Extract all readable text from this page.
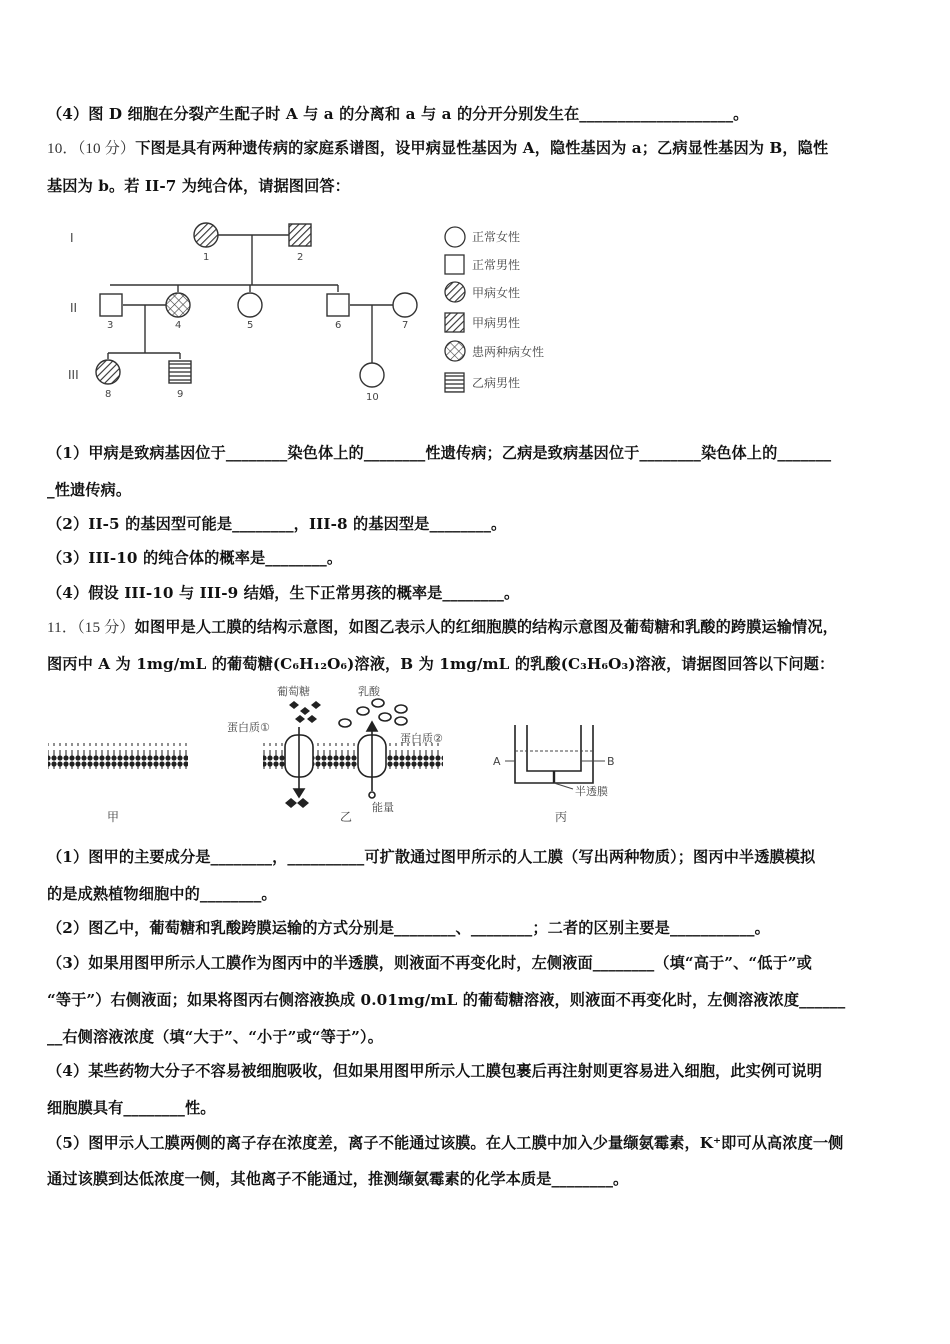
（4）图 D 细胞在分裂产生配子时 A 与 a 的分离和 a 与 a 的分开分别发生在____________________。
10．（10 分）下图是具有两种遗传病的家庭系谱图，设甲病显性基因为 A，隐性基因为 a；乙病显性基因为 B，隐性
基因为 b。若 II-7 为纯合体，请据图回答：
I
II
III
1	2
3	4	5	6	7
8	9	10
正常女性
正常男性
甲病女性
甲病男性
患两种病女性
乙病男性
（1）甲病是致病基因位于________染色体上的________性遗传病；乙病是致病基因位于________染色体上的_______
_性遗传病。
（2）II-5 的基因型可能是________，III-8 的基因型是________。
（3）III-10 的纯合体的概率是________。
（4）假设 III-10 与 III-9 结婚，生下正常男孩的概率是________。
11．（15 分）如图甲是人工膜的结构示意图，如图乙表示人的红细胞膜的结构示意图及葡萄糖和乳酸的跨膜运输情况，
图丙中 A 为 1mg/mL 的葡萄糖(C₆H₁₂O₆)溶液，B 为 1mg/mL 的乳酸(C₃H₆O₃)溶液，请据图回答以下问题：
甲
葡萄糖	乳酸
蛋白质①
蛋白质②
能量
乙
A	B
半透膜
丙
（1）图甲的主要成分是________，__________可扩散通过图甲所示的人工膜（写出两种物质）；图丙中半透膜模拟
的是成熟植物细胞中的________。
（2）图乙中，葡萄糖和乳酸跨膜运输的方式分别是________、________；二者的区别主要是___________。
（3）如果用图甲所示人工膜作为图丙中的半透膜，则液面不再变化时，左侧液面________（填“高于”、“低于”或
“等于”）右侧液面；如果将图丙右侧溶液换成 0.01mg/mL 的葡萄糖溶液，则液面不再变化时，左侧溶液浓度______
__右侧溶液浓度（填“大于”、“小于”或“等于”）。
（4）某些药物大分子不容易被细胞吸收，但如果用图甲所示人工膜包裹后再注射则更容易进入细胞，此实例可说明
细胞膜具有________性。
（5）图甲示人工膜两侧的离子存在浓度差，离子不能通过该膜。在人工膜中加入少量缬氨霉素，K⁺即可从高浓度一侧
通过该膜到达低浓度一侧，其他离子不能通过，推测缬氨霉素的化学本质是________。
